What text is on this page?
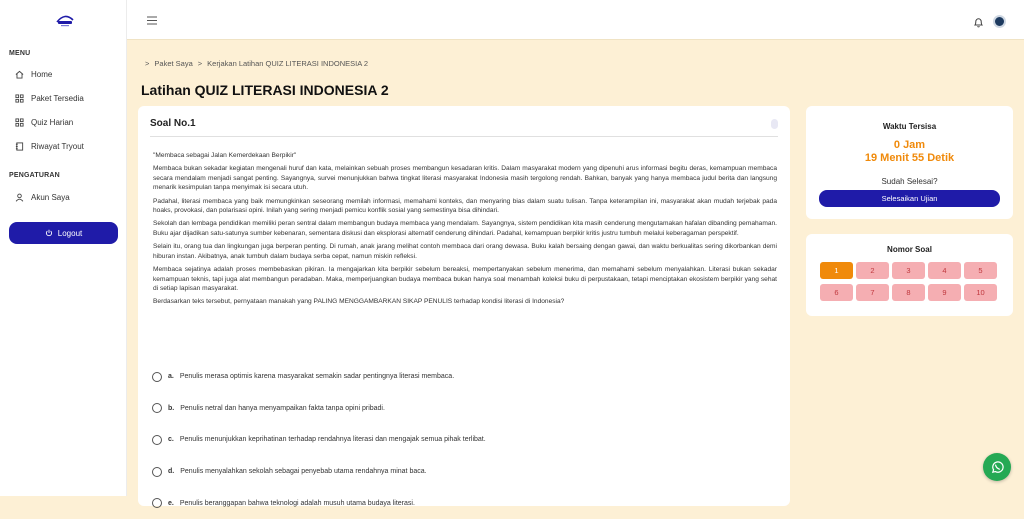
MENU
Home
Paket Tersedia
Quiz Harian
Riwayat Tryout
PENGATURAN
Akun Saya
Logout
> Paket Saya > Kerjakan Latihan QUIZ LITERASI INDONESIA 2
Latihan QUIZ LITERASI INDONESIA 2
Soal No.1

"Membaca sebagai Jalan Kemerdekaan Berpikir"

Membaca bukan sekadar kegiatan mengenali huruf dan kata, melainkan sebuah proses membangun kesadaran kritis. Dalam masyarakat modern yang dipenuhi arus informasi begitu deras, kemampuan membaca secara mendalam menjadi sangat penting. Sayangnya, survei menunjukkan bahwa tingkat literasi masyarakat Indonesia masih tergolong rendah. Bahkan, banyak yang hanya membaca judul berita dan langsung menarik kesimpulan tanpa menyimak isi secara utuh.

Padahal, literasi membaca yang baik memungkinkan seseorang memilah informasi, memahami konteks, dan menyaring bias dalam suatu tulisan. Tanpa keterampilan ini, masyarakat akan mudah terjebak pada hoaks, provokasi, dan polarisasi opini. Inilah yang sering menjadi pemicu konflik sosial yang semestinya bisa dihindari.

Sekolah dan lembaga pendidikan memiliki peran sentral dalam membangun budaya membaca yang mendalam. Sayangnya, sistem pendidikan kita masih cenderung mengutamakan hafalan dibanding pemahaman. Buku ajar dijadikan satu-satunya sumber kebenaran, sementara diskusi dan eksplorasi alternatif cenderung dihindari. Padahal, kemampuan berpikir kritis justru tumbuh melalui keberagaman perspektif.

Selain itu, orang tua dan lingkungan juga berperan penting. Di rumah, anak jarang melihat contoh membaca dari orang dewasa. Buku kalah bersaing dengan gawai, dan waktu berkualitas sering dikorbankan demi hiburan instan. Akibatnya, anak tumbuh dalam budaya serba cepat, namun miskin refleksi.

Membaca sejatinya adalah proses membebaskan pikiran. Ia mengajarkan kita berpikir sebelum bereaksi, mempertanyakan sebelum menerima, dan memahami sebelum menyalahkan. Literasi bukan sekadar kemampuan teknis, tapi juga alat membangun peradaban. Maka, memperjuangkan budaya membaca bukan hanya soal menambah koleksi buku di perpustakaan, tetapi menciptakan ekosistem berpikir yang sehat di setiap lapisan masyarakat.

Berdasarkan teks tersebut, pernyataan manakah yang PALING MENGGAMBARKAN SIKAP PENULIS terhadap kondisi literasi di Indonesia?

a. Penulis merasa optimis karena masyarakat semakin sadar pentingnya literasi membaca.
b. Penulis netral dan hanya menyampaikan fakta tanpa opini pribadi.
c. Penulis menunjukkan keprihatinan terhadap rendahnya literasi dan mengajak semua pihak terlibat.
d. Penulis menyalahkan sekolah sebagai penyebab utama rendahnya minat baca.
e. Penulis beranggapan bahwa teknologi adalah musuh utama budaya literasi.
Waktu Tersisa
0 Jam
19 Menit 55 Detik
Sudah Selesai?
Selesaikan Ujian
Nomor Soal
1	2	3	4	5
6	7	8	9	10
